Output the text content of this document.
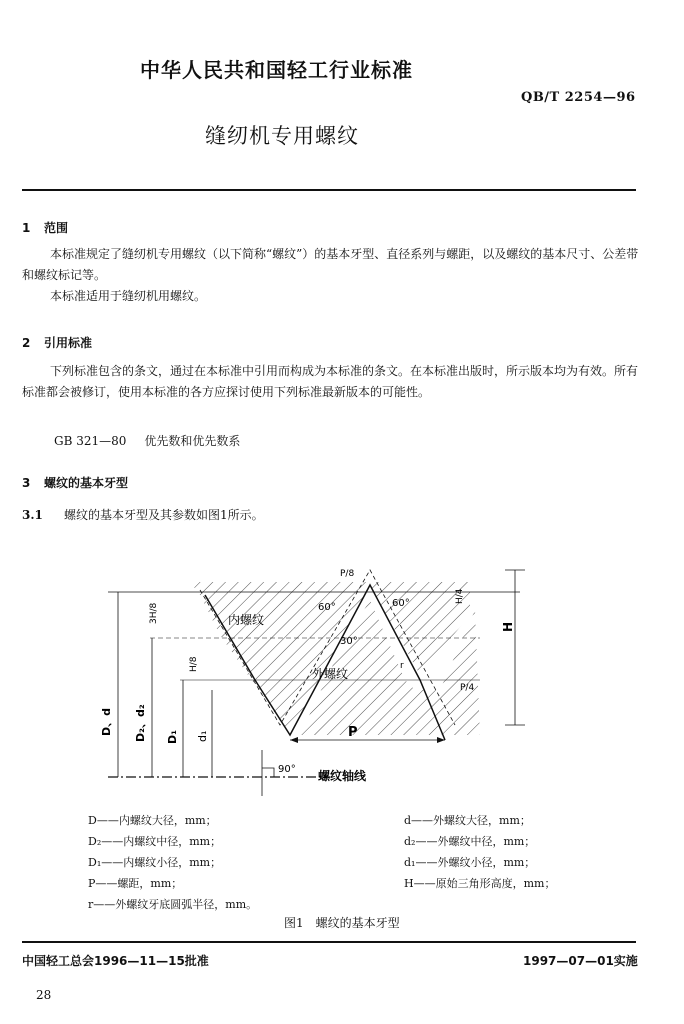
中华人民共和国轻工行业标准
QB/T 2254—96
缝纫机专用螺纹
1 范围
本标准规定了缝纫机专用螺纹（以下简称“螺纹”）的基本牙型、直径系列与螺距，以及螺纹的基本尺寸、公差带和螺纹标记等。
本标准适用于缝纫机用螺纹。
2 引用标准
下列标准包含的条文，通过在本标准中引用而构成为本标准的条文。在本标准出版时，所示版本均为有效。所有标准都会被修订，使用本标准的各方应探讨使用下列标准最新版本的可能性。
GB 321—80 优先数和优先数系
3 螺纹的基本牙型
3.1 螺纹的基本牙型及其参数如图1所示。
内螺纹
外螺纹
螺纹轴线
60°	60°
30°
90°
P
H
3H/8
H/8
H/4
P/8
P/4
r
D、d D₂、d₂ D₁ d₁
D——内螺纹大径，mm；
D₂——内螺纹中径，mm；
D₁——内螺纹小径，mm；
P——螺距，mm；
r——外螺纹牙底圆弧半径，mm。
d——外螺纹大径，mm；
d₂——外螺纹中径，mm；
d₁——外螺纹小径，mm；
H——原始三角形高度，mm；
图1　螺纹的基本牙型
中国轻工总会1996—11—15批准	1997—07—01实施
28
